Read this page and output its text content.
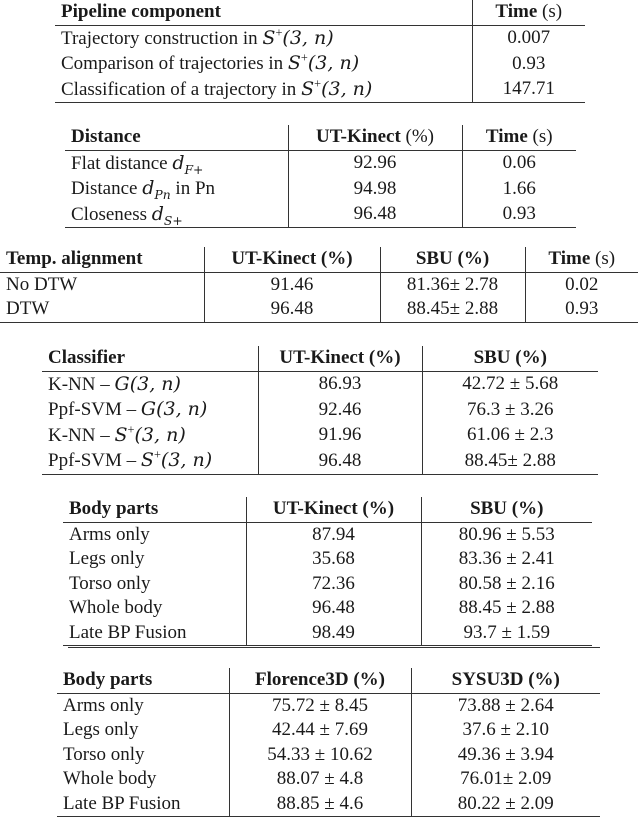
Pipeline component	Time (s)
Trajectory construction in S+(3, n)	0.007
Comparison of trajectories in S+(3, n)	0.93
Classification of a trajectory in S+(3, n)	147.71
Distance	UT-Kinect (%)	Time (s)
Flat distance $d_{F+}$	92.96	0.06
Distance $d_{Pn}$ in Pn	94.98	1.66
Closeness $d_{S+}$	96.48	0.93
Temp. alignment	UT-Kinect (%)	SBU (%)	Time (s)
No DTW	91.46	81.36± 2.78	0.02
DTW	96.48	88.45± 2.88	0.93
Classifier	UT-Kinect (%)	SBU (%)
K-NN – G(3, n)	86.93	42.72 ± 5.68
Ppf-SVM – G(3, n)	92.46	76.3 ± 3.26
K-NN – S+(3, n)	91.96	61.06 ± 2.3
Ppf-SVM – S+(3, n)	96.48	88.45± 2.88
Body parts	UT-Kinect (%)	SBU (%)
Arms only	87.94	80.96 ± 5.53
Legs only	35.68	83.36 ± 2.41
Torso only	72.36	80.58 ± 2.16
Whole body	96.48	88.45 ± 2.88
Late BP Fusion	98.49	93.7 ± 1.59
Body parts	Florence3D (%)	SYSU3D (%)
Arms only	75.72 ± 8.45	73.88 ± 2.64
Legs only	42.44 ± 7.69	37.6 ± 2.10
Torso only	54.33 ± 10.62	49.36 ± 3.94
Whole body	88.07 ± 4.8	76.01± 2.09
Late BP Fusion	88.85 ± 4.6	80.22 ± 2.09
